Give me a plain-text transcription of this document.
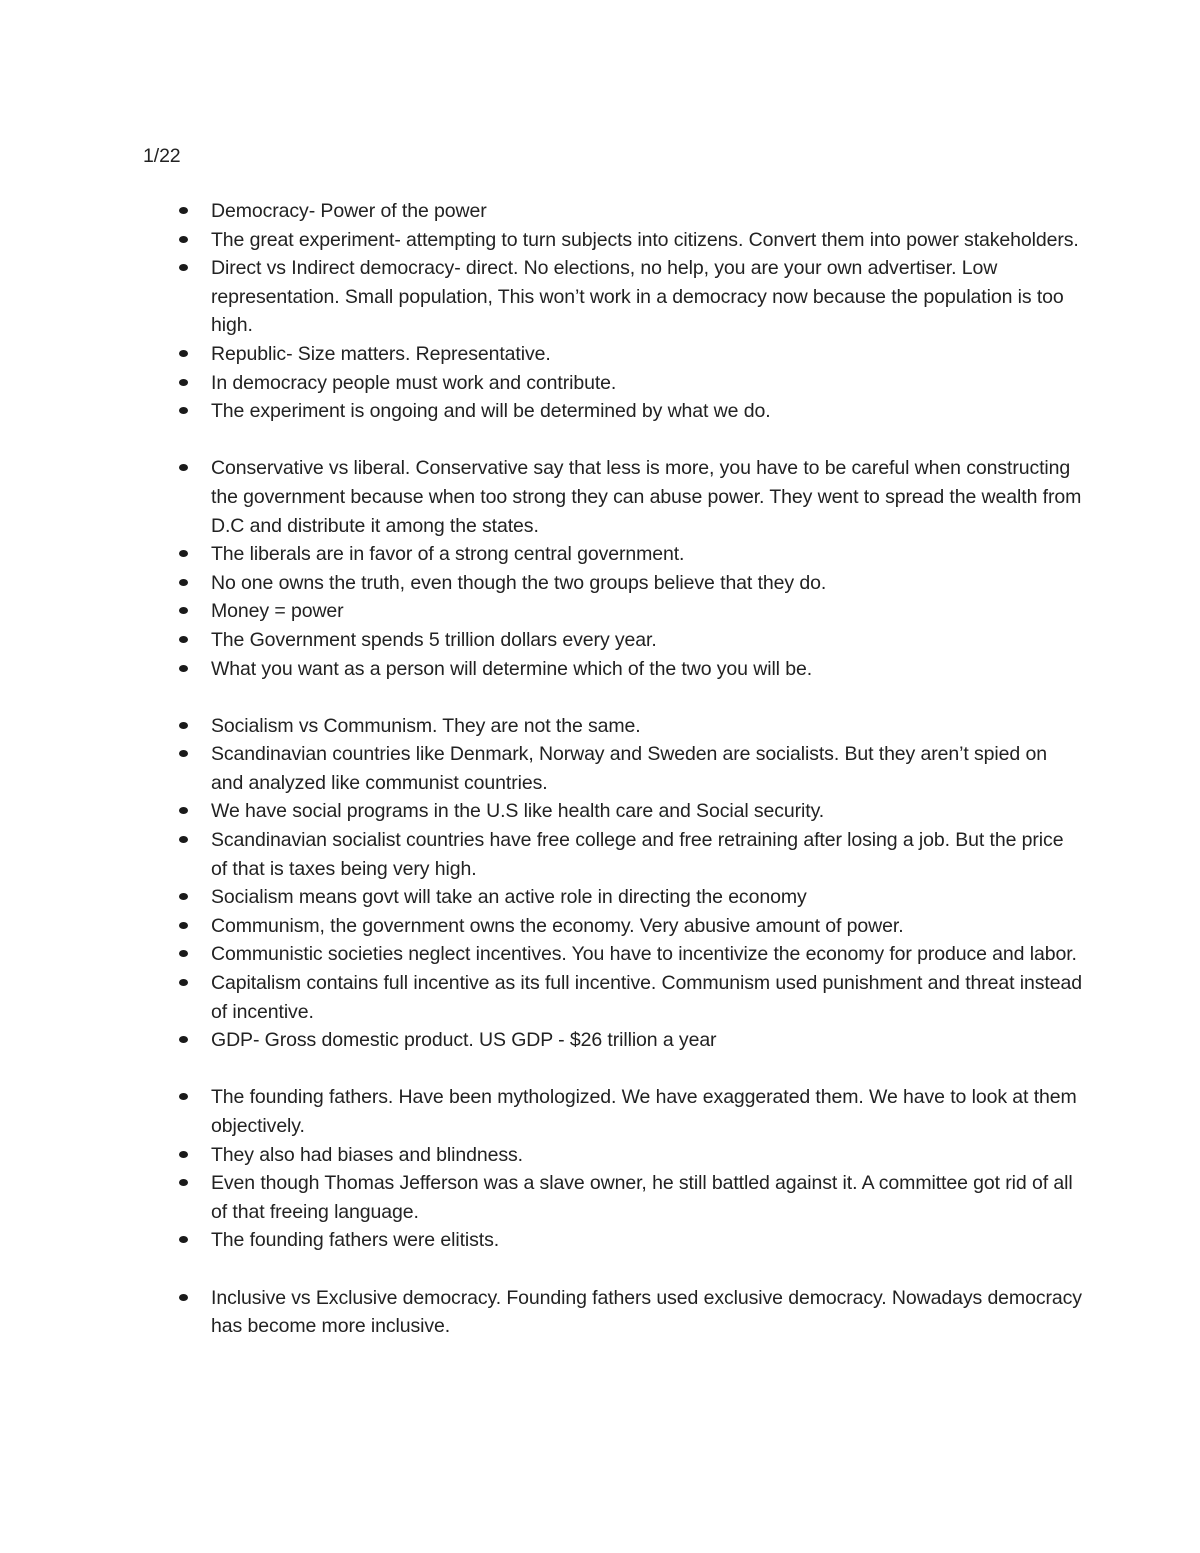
1/22
Democracy- Power of the power
The great experiment- attempting to turn subjects into citizens. Convert them into power stakeholders.
Direct vs Indirect democracy- direct. No elections, no help, you are your own advertiser. Low representation. Small population, This won’t work in a democracy now because the population is too high.
Republic- Size matters. Representative.
In democracy people must work and contribute.
The experiment is ongoing and will be determined by what we do.
Conservative vs liberal. Conservative say that less is more, you have to be careful when constructing the government because when too strong they can abuse power. They went to spread the wealth from D.C and distribute it among the states.
The liberals are in favor of a strong central government.
No one owns the truth, even though the two groups believe that they do.
Money = power
The Government spends 5 trillion dollars every year.
What you want as a person will determine which of the two you will be.
Socialism vs Communism. They are not the same.
Scandinavian countries like Denmark, Norway and Sweden are socialists. But they aren’t spied on and analyzed like communist countries.
We have social programs in the U.S like health care and Social security.
Scandinavian socialist countries have free college and free retraining after losing a job. But the price of that is taxes being very high.
Socialism means govt will take an active role in directing the economy
Communism, the government owns the economy. Very abusive amount of power.
Communistic societies neglect incentives. You have to incentivize the economy for produce and labor.
Capitalism contains full incentive as its full incentive. Communism used punishment and threat instead of incentive.
GDP- Gross domestic product. US GDP - $26 trillion a year
The founding fathers. Have been mythologized. We have exaggerated them. We have to look at them objectively.
They also had biases and blindness.
Even though Thomas Jefferson was a slave owner, he still battled against it. A committee got rid of all of that freeing language.
The founding fathers were elitists.
Inclusive vs Exclusive democracy. Founding fathers used exclusive democracy. Nowadays democracy has become more inclusive.
